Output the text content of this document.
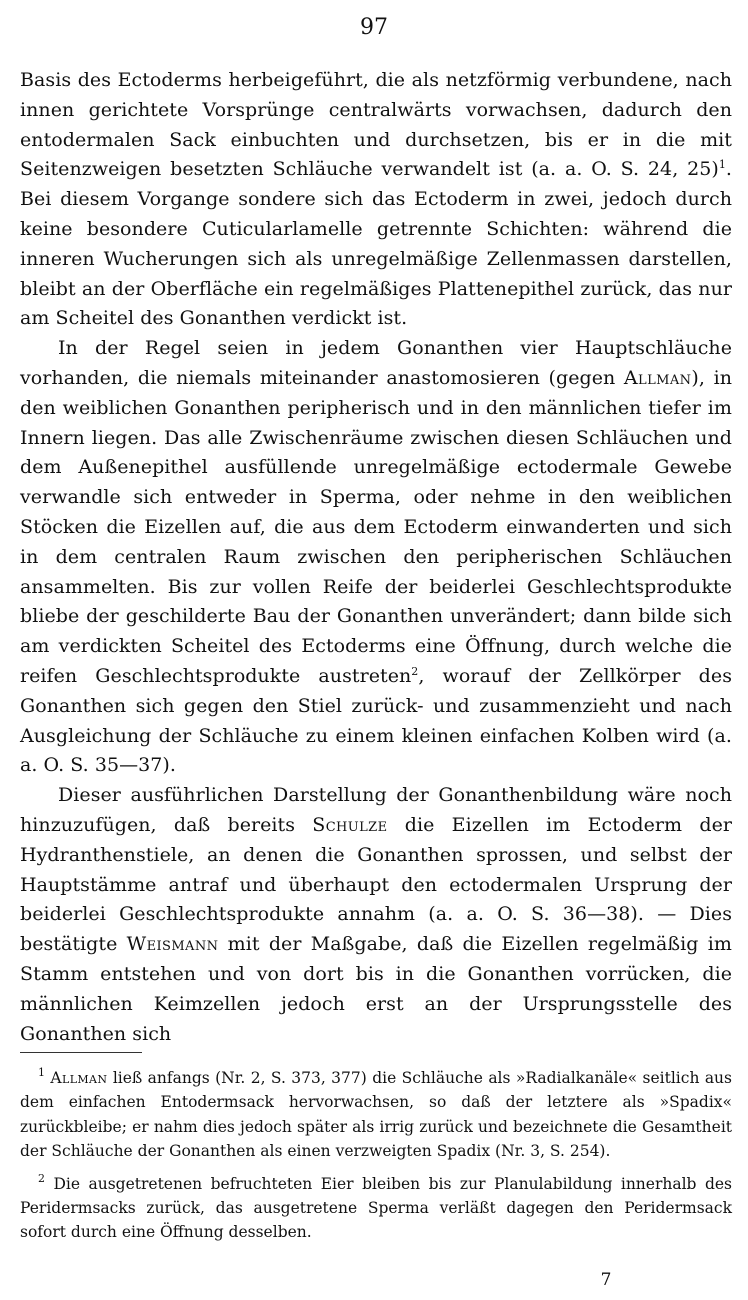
97

Basis des Ectoderms herbeigeführt, die als netzförmig verbundene, nach innen gerichtete Vorsprünge centralwärts vorwachsen, dadurch den entodermalen Sack einbuchten und durchsetzen, bis er in die mit Seitenzweigen besetzten Schläuche verwandelt ist (a. a. O. S. 24, 25)$^1$. Bei diesem Vorgange sondere sich das Ectoderm in zwei, jedoch durch keine besondere Cuticularlamelle getrennte Schichten: während die inneren Wucherungen sich als unregelmäßige Zellenmassen darstellen, bleibt an der Oberfläche ein regelmäßiges Plattenepithel zurück, das nur am Scheitel des Gonanthen verdickt ist.

In der Regel seien in jedem Gonanthen vier Hauptschläuche vorhanden, die niemals miteinander anastomosieren (gegen Allman), in den weiblichen Gonanthen peripherisch und in den männlichen tiefer im Innern liegen. Das alle Zwischenräume zwischen diesen Schläuchen und dem Außenepithel ausfüllende unregelmäßige ectodermale Gewebe verwandle sich entweder in Sperma, oder nehme in den weiblichen Stöcken die Eizellen auf, die aus dem Ectoderm einwanderten und sich in dem centralen Raum zwischen den peripherischen Schläuchen ansammelten. Bis zur vollen Reife der beiderlei Geschlechtsprodukte bliebe der geschilderte Bau der Gonanthen unverändert; dann bilde sich am verdickten Scheitel des Ectoderms eine Öffnung, durch welche die reifen Geschlechtsprodukte austreten$^2$, worauf der Zellkörper des Gonanthen sich gegen den Stiel zurück- und zusammenzieht und nach Ausgleichung der Schläuche zu einem kleinen einfachen Kolben wird (a. a. O. S. 35—37).

Dieser ausführlichen Darstellung der Gonanthenbildung wäre noch hinzuzufügen, daß bereits Schulze die Eizellen im Ectoderm der Hydranthenstiele, an denen die Gonanthen sprossen, und selbst der Hauptstämme antraf und überhaupt den ectodermalen Ursprung der beiderlei Geschlechtsprodukte annahm (a. a. O. S. 36—38). — Dies bestätigte Weismann mit der Maßgabe, daß die Eizellen regelmäßig im Stamm entstehen und von dort bis in die Gonanthen vorrücken, die männlichen Keimzellen jedoch erst an der Ursprungsstelle des Gonanthen sich

$^1$ Allman ließ anfangs (Nr. 2, S. 373, 377) die Schläuche als »Radialkanäle« seitlich aus dem einfachen Entodermsack hervorwachsen, so daß der letztere als »Spadix« zurückbleibe; er nahm dies jedoch später als irrig zurück und bezeichnete die Gesamtheit der Schläuche der Gonanthen als einen verzweigten Spadix (Nr. 3, S. 254).

$^2$ Die ausgetretenen befruchteten Eier bleiben bis zur Planulabildung innerhalb des Peridermsacks zurück, das ausgetretene Sperma verläßt dagegen den Peridermsack sofort durch eine Öffnung desselben.

7
